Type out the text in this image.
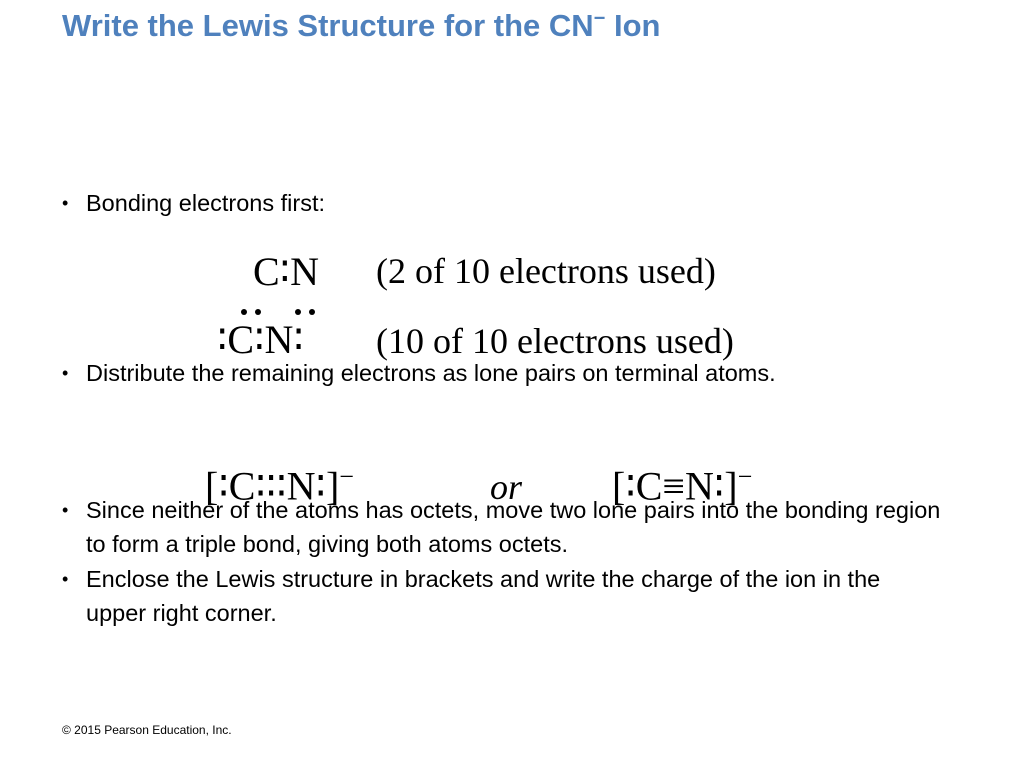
Write the Lewis Structure for the CN− Ion
• Bonding electrons first:
C∶N (2 of 10 electrons used)
∶C∶N∶ (10 of 10 electrons used)
• Distribute the remaining electrons as lone pairs on terminal atoms.
[∶C∶∶∶N∶]−	or [∶C≡N∶]−
• Since neither of the atoms has octets, move two lone pairs into the bonding region to form a triple bond, giving both atoms octets.
• Enclose the Lewis structure in brackets and write the charge of the ion in the upper right corner.
© 2015 Pearson Education, Inc.
